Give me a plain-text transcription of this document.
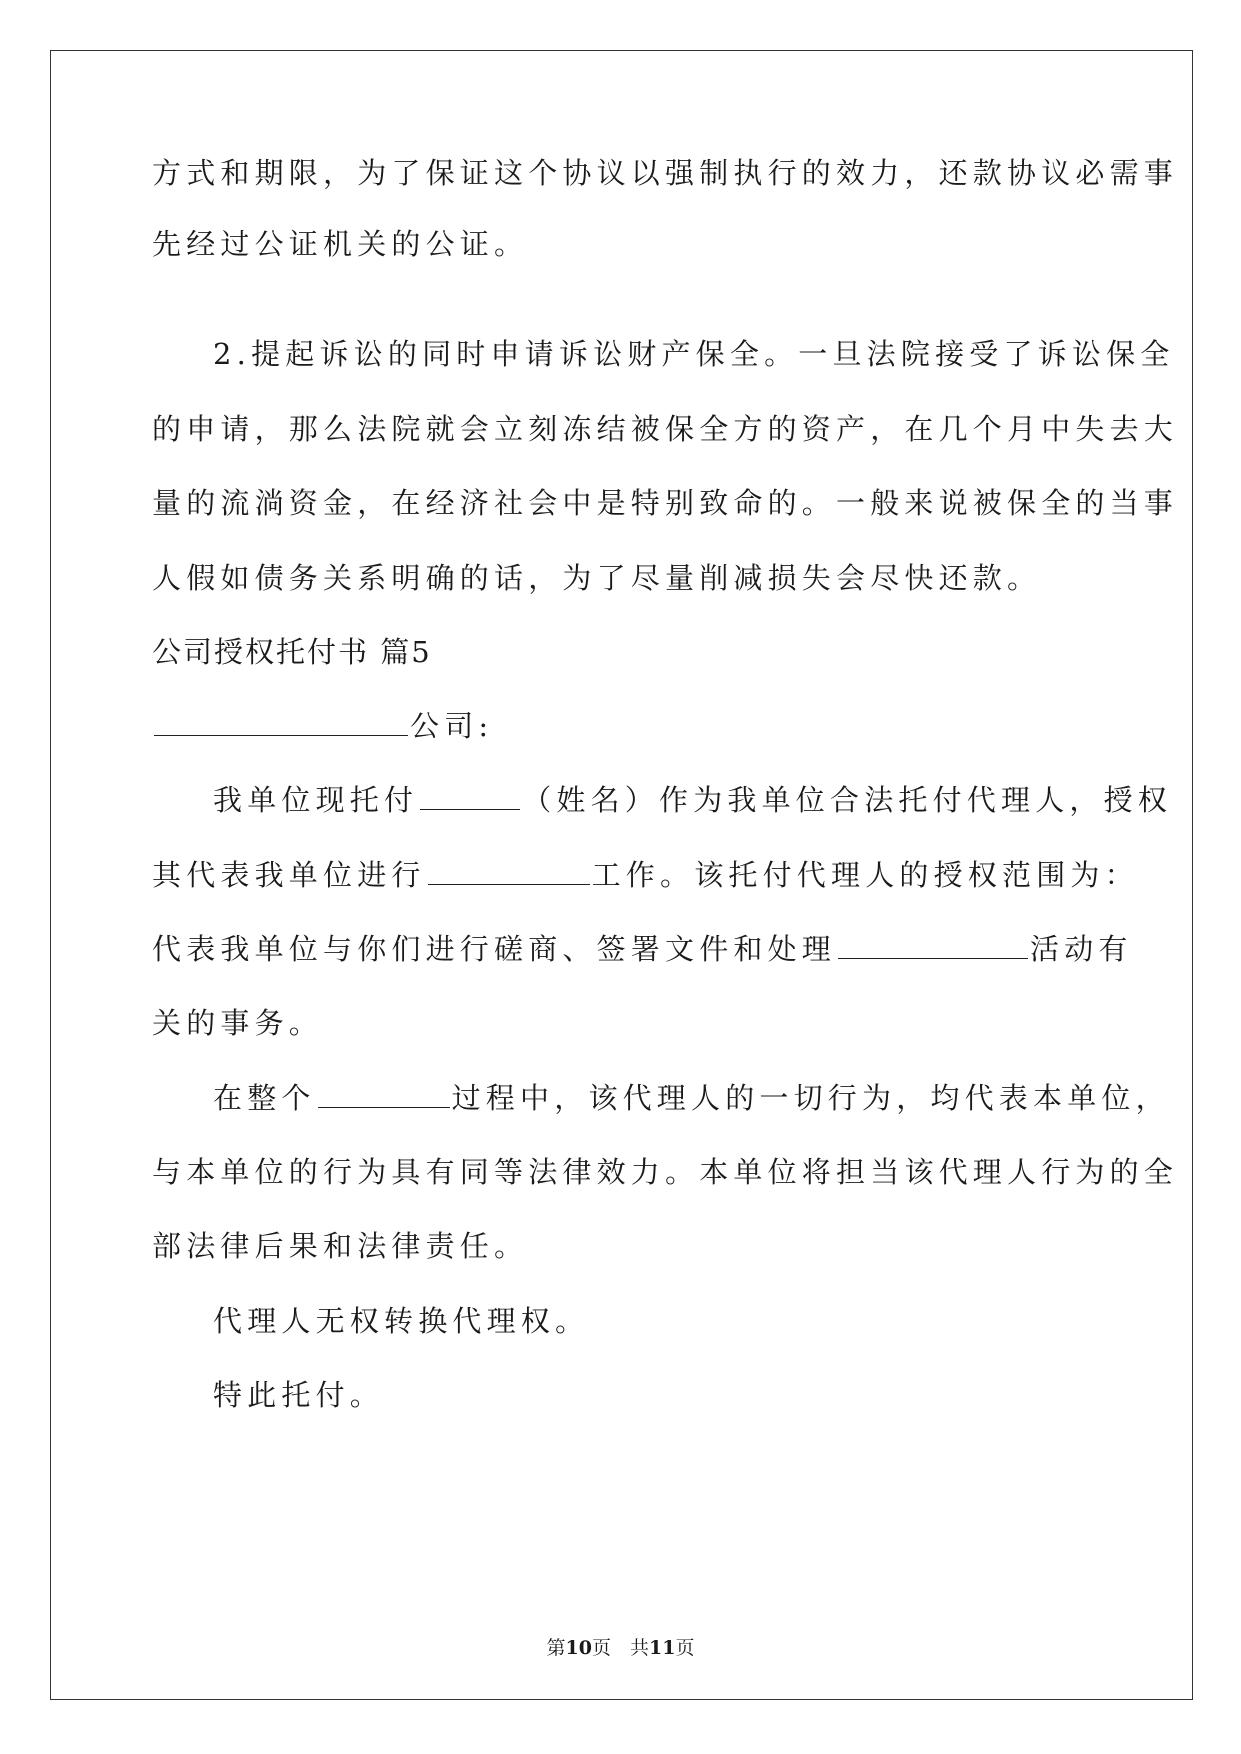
方式和期限，为了保证这个协议以强制执行的效力，还款协议必需事
先经过公证机关的公证。
2.提起诉讼的同时申请诉讼财产保全。一旦法院接受了诉讼保全
的申请，那么法院就会立刻冻结被保全方的资产，在几个月中失去大
量的流淌资金，在经济社会中是特别致命的。一般来说被保全的当事
人假如债务关系明确的话，为了尽量削减损失会尽快还款。
公司授权托付书 篇5
公司:
我单位现托付	（姓名）作为我单位合法托付代理人，授权
其代表我单位进行	工作。该托付代理人的授权范围为：
代表我单位与你们进行磋商、签署文件和处理	活动有
关的事务。
在整个	过程中，该代理人的一切行为，均代表本单位，
与本单位的行为具有同等法律效力。本单位将担当该代理人行为的全
部法律后果和法律责任。
代理人无权转换代理权。
特此托付。
第10页　共11页
